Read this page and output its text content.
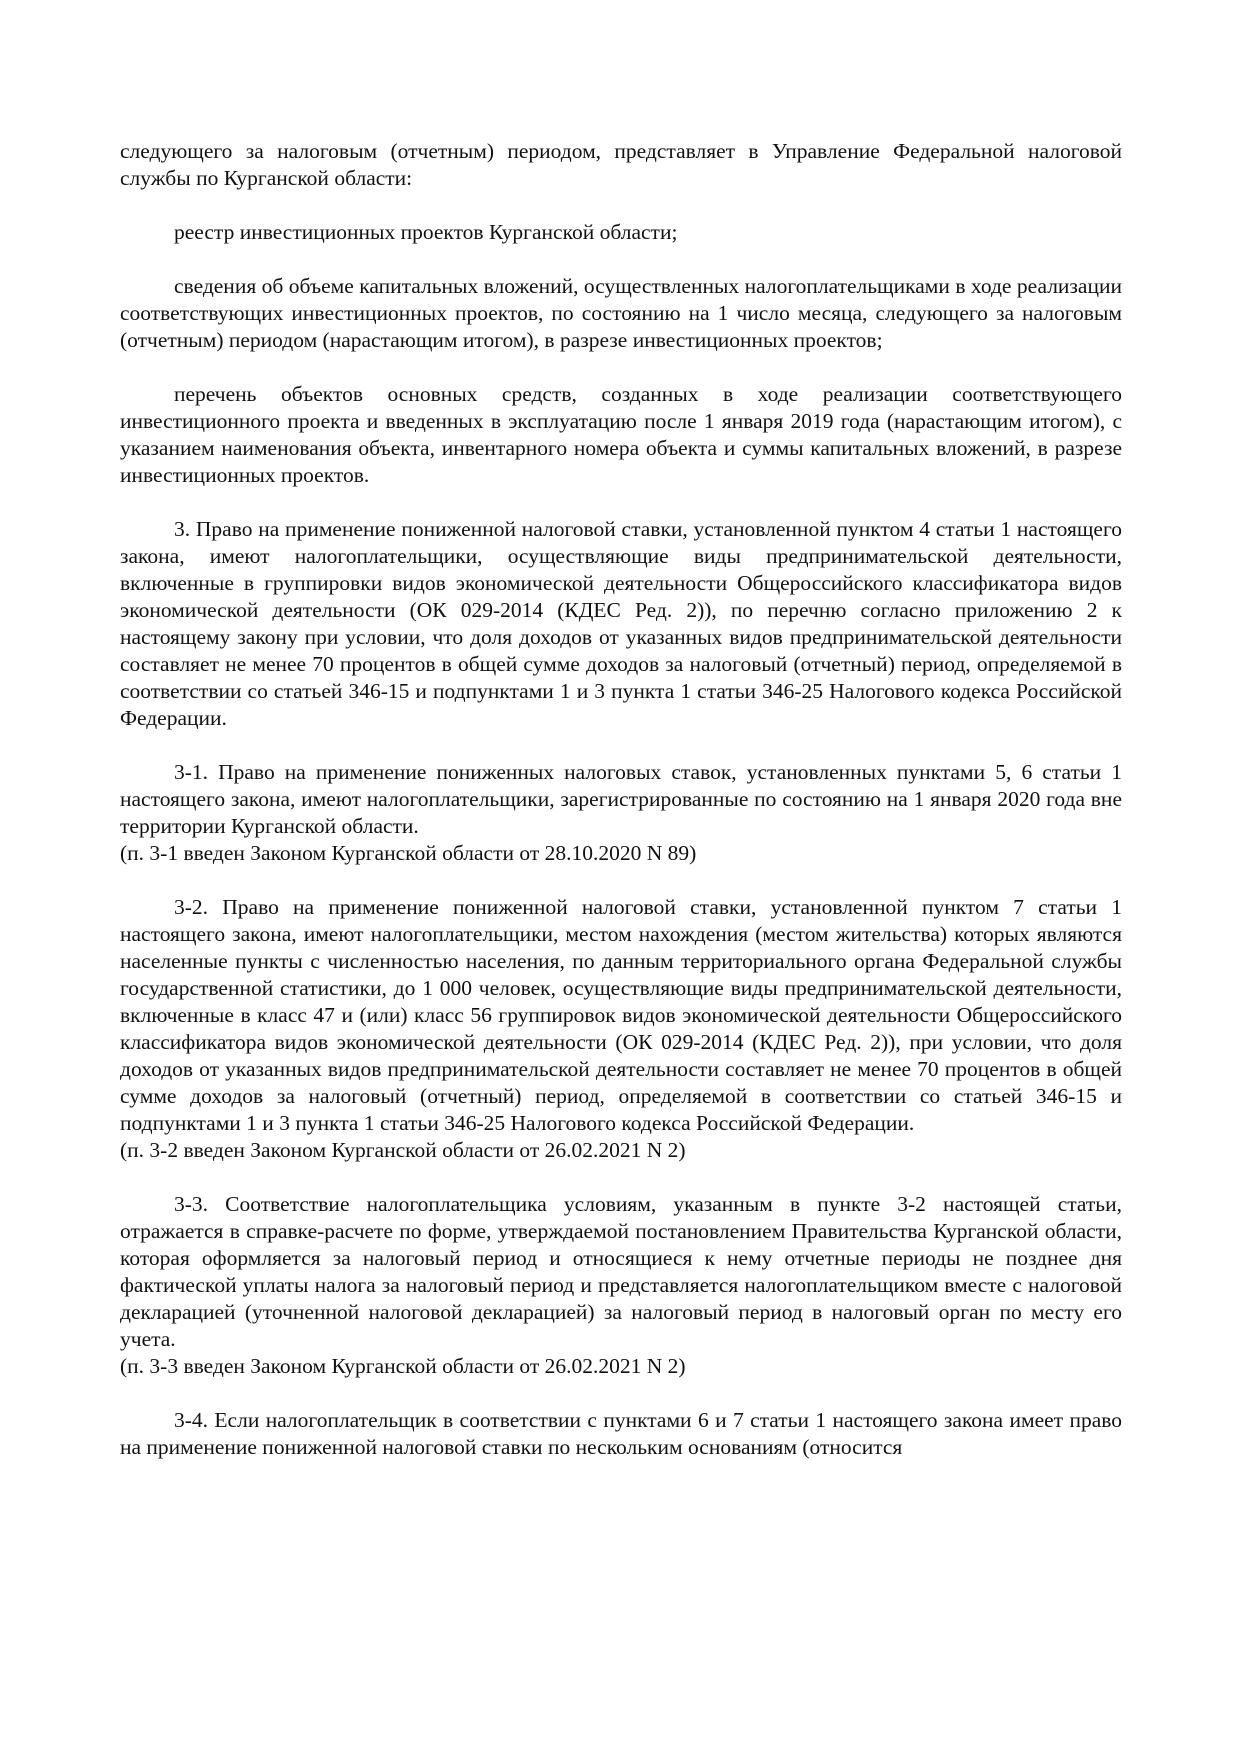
следующего за налоговым (отчетным) периодом, представляет в Управление Федеральной налоговой службы по Курганской области:

реестр инвестиционных проектов Курганской области;

сведения об объеме капитальных вложений, осуществленных налогоплательщиками в ходе реализации соответствующих инвестиционных проектов, по состоянию на 1 число месяца, следующего за налоговым (отчетным) периодом (нарастающим итогом), в разрезе инвестиционных проектов;

перечень объектов основных средств, созданных в ходе реализации соответствующего инвестиционного проекта и введенных в эксплуатацию после 1 января 2019 года (нарастающим итогом), с указанием наименования объекта, инвентарного номера объекта и суммы капитальных вложений, в разрезе инвестиционных проектов.

3. Право на применение пониженной налоговой ставки, установленной пунктом 4 статьи 1 настоящего закона, имеют налогоплательщики, осуществляющие виды предпринимательской деятельности, включенные в группировки видов экономической деятельности Общероссийского классификатора видов экономической деятельности (ОК 029-2014 (КДЕС Ред. 2)), по перечню согласно приложению 2 к настоящему закону при условии, что доля доходов от указанных видов предпринимательской деятельности составляет не менее 70 процентов в общей сумме доходов за налоговый (отчетный) период, определяемой в соответствии со статьей 346-15 и подпунктами 1 и 3 пункта 1 статьи 346-25 Налогового кодекса Российской Федерации.

3-1. Право на применение пониженных налоговых ставок, установленных пунктами 5, 6 статьи 1 настоящего закона, имеют налогоплательщики, зарегистрированные по состоянию на 1 января 2020 года вне территории Курганской области.

(п. 3-1 введен Законом Курганской области от 28.10.2020 N 89)

3-2. Право на применение пониженной налоговой ставки, установленной пунктом 7 статьи 1 настоящего закона, имеют налогоплательщики, местом нахождения (местом жительства) которых являются населенные пункты с численностью населения, по данным территориального органа Федеральной службы государственной статистики, до 1 000 человек, осуществляющие виды предпринимательской деятельности, включенные в класс 47 и (или) класс 56 группировок видов экономической деятельности Общероссийского классификатора видов экономической деятельности (ОК 029-2014 (КДЕС Ред. 2)), при условии, что доля доходов от указанных видов предпринимательской деятельности составляет не менее 70 процентов в общей сумме доходов за налоговый (отчетный) период, определяемой в соответствии со статьей 346-15 и подпунктами 1 и 3 пункта 1 статьи 346-25 Налогового кодекса Российской Федерации.

(п. 3-2 введен Законом Курганской области от 26.02.2021 N 2)

3-3. Соответствие налогоплательщика условиям, указанным в пункте 3-2 настоящей статьи, отражается в справке-расчете по форме, утверждаемой постановлением Правительства Курганской области, которая оформляется за налоговый период и относящиеся к нему отчетные периоды не позднее дня фактической уплаты налога за налоговый период и представляется налогоплательщиком вместе с налоговой декларацией (уточненной налоговой декларацией) за налоговый период в налоговый орган по месту его учета.

(п. 3-3 введен Законом Курганской области от 26.02.2021 N 2)

3-4. Если налогоплательщик в соответствии с пунктами 6 и 7 статьи 1 настоящего закона имеет право на применение пониженной налоговой ставки по нескольким основаниям (относится
